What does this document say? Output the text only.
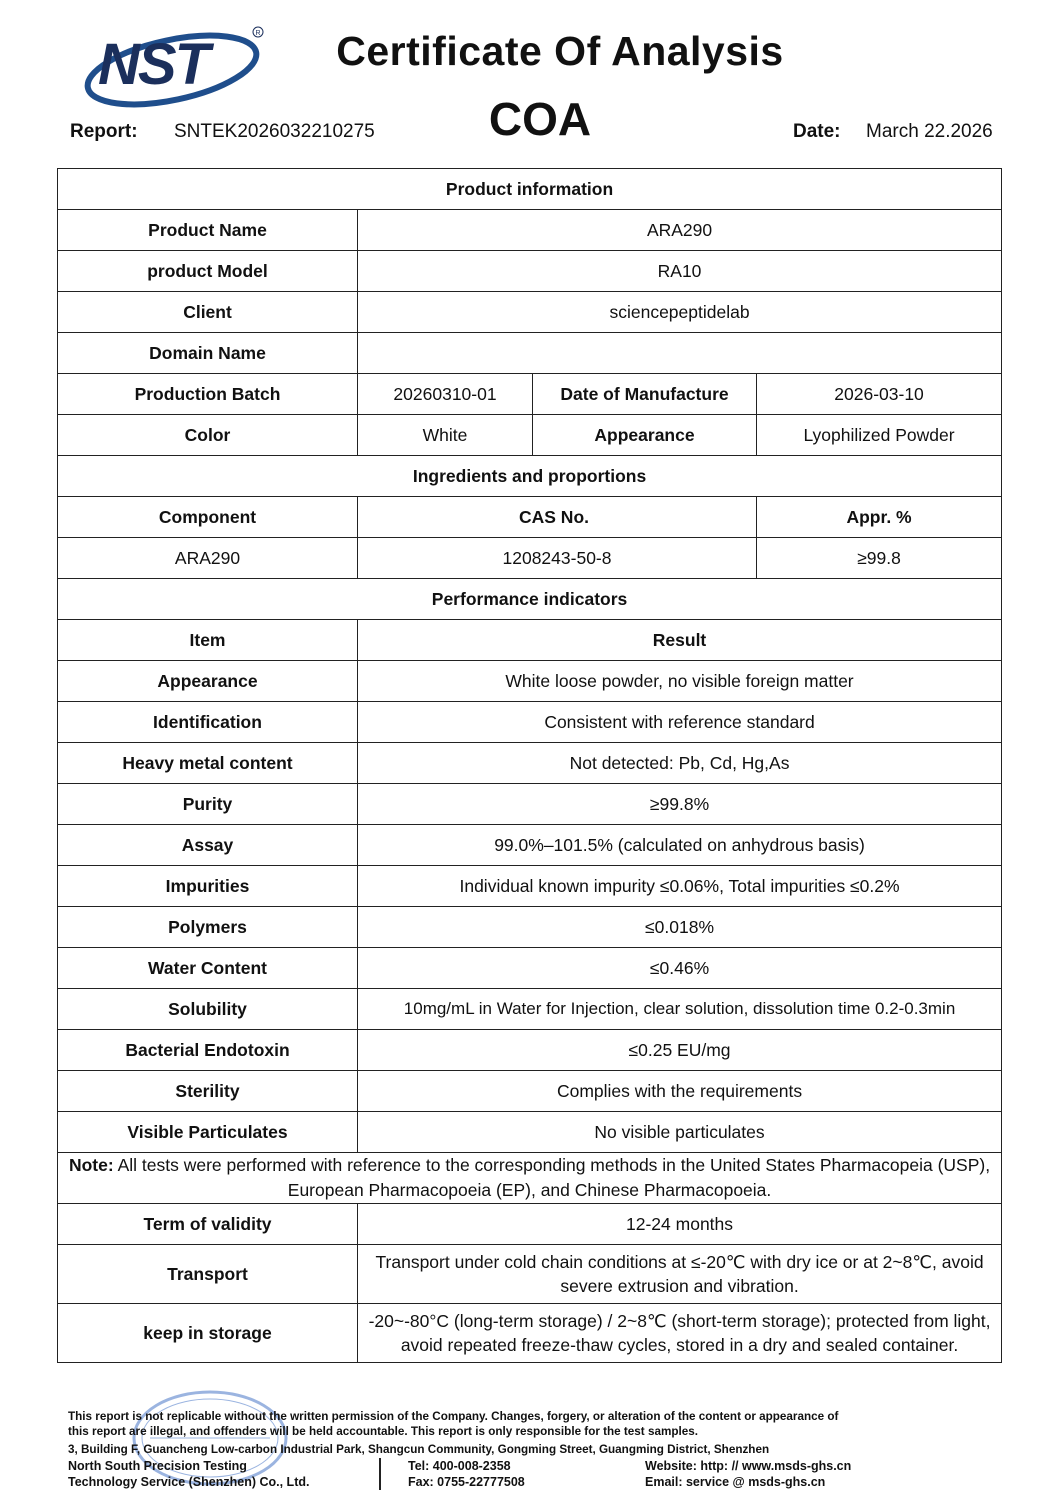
NST	R	Certificate Of Analysis
COA
Report: SNTEK2026032210275	Date: March 22.2026
Product information			
Product Name	ARA290		
product Model	RA10		
Client	sciencepeptidelab		
Domain Name			
Production Batch	20260310-01	Date of Manufacture	2026-03-10
Color	White	Appearance	Lyophilized Powder
Ingredients and proportions			
Component	CAS No.		Appr. %
ARA290	1208243-50-8		≥99.8
Performance indicators			
Item	Result		
Appearance	White loose powder, no visible foreign matter		
Identification	Consistent with reference standard		
Heavy metal content	Not detected: Pb, Cd, Hg,As		
Purity	≥99.8%		
Assay	99.0%–101.5% (calculated on anhydrous basis)		
Impurities	Individual known impurity ≤0.06%, Total impurities ≤0.2%		
Polymers	≤0.018%		
Water Content	≤0.46%		
Solubility	10mg/mL in Water for Injection, clear solution, dissolution time 0.2-0.3min		
Bacterial Endotoxin	≤0.25 EU/mg		
Sterility	Complies with the requirements		
Visible Particulates	No visible particulates		
Note: All tests were performed with reference to the corresponding methods in the United States Pharmacopeia (USP), European Pharmacopoeia (EP), and Chinese Pharmacopoeia.			
Term of validity	12-24 months		
Transport	Transport under cold chain conditions at ≤-20℃ with dry ice or at 2~8℃, avoid severe extrusion and vibration.		
keep in storage	-20~-80°C (long-term storage) / 2~8℃ (short-term storage); protected from light, avoid repeated freeze-thaw cycles, stored in a dry and sealed container.		
This report is not replicable without the written permission of the Company. Changes, forgery, or alteration of the content or appearance of
this report are illegal, and offenders will be held accountable. This report is only responsible for the test samples.
3, Building F, Guancheng Low-carbon Industrial Park, Shangcun Community, Gongming Street, Guangming District, Shenzhen
North South Precision Testing
Technology Service (Shenzhen) Co., Ltd.
Tel: 400-008-2358
Fax: 0755-22777508
Website: http: // www.msds-ghs.cn
Email: service @ msds-ghs.cn
